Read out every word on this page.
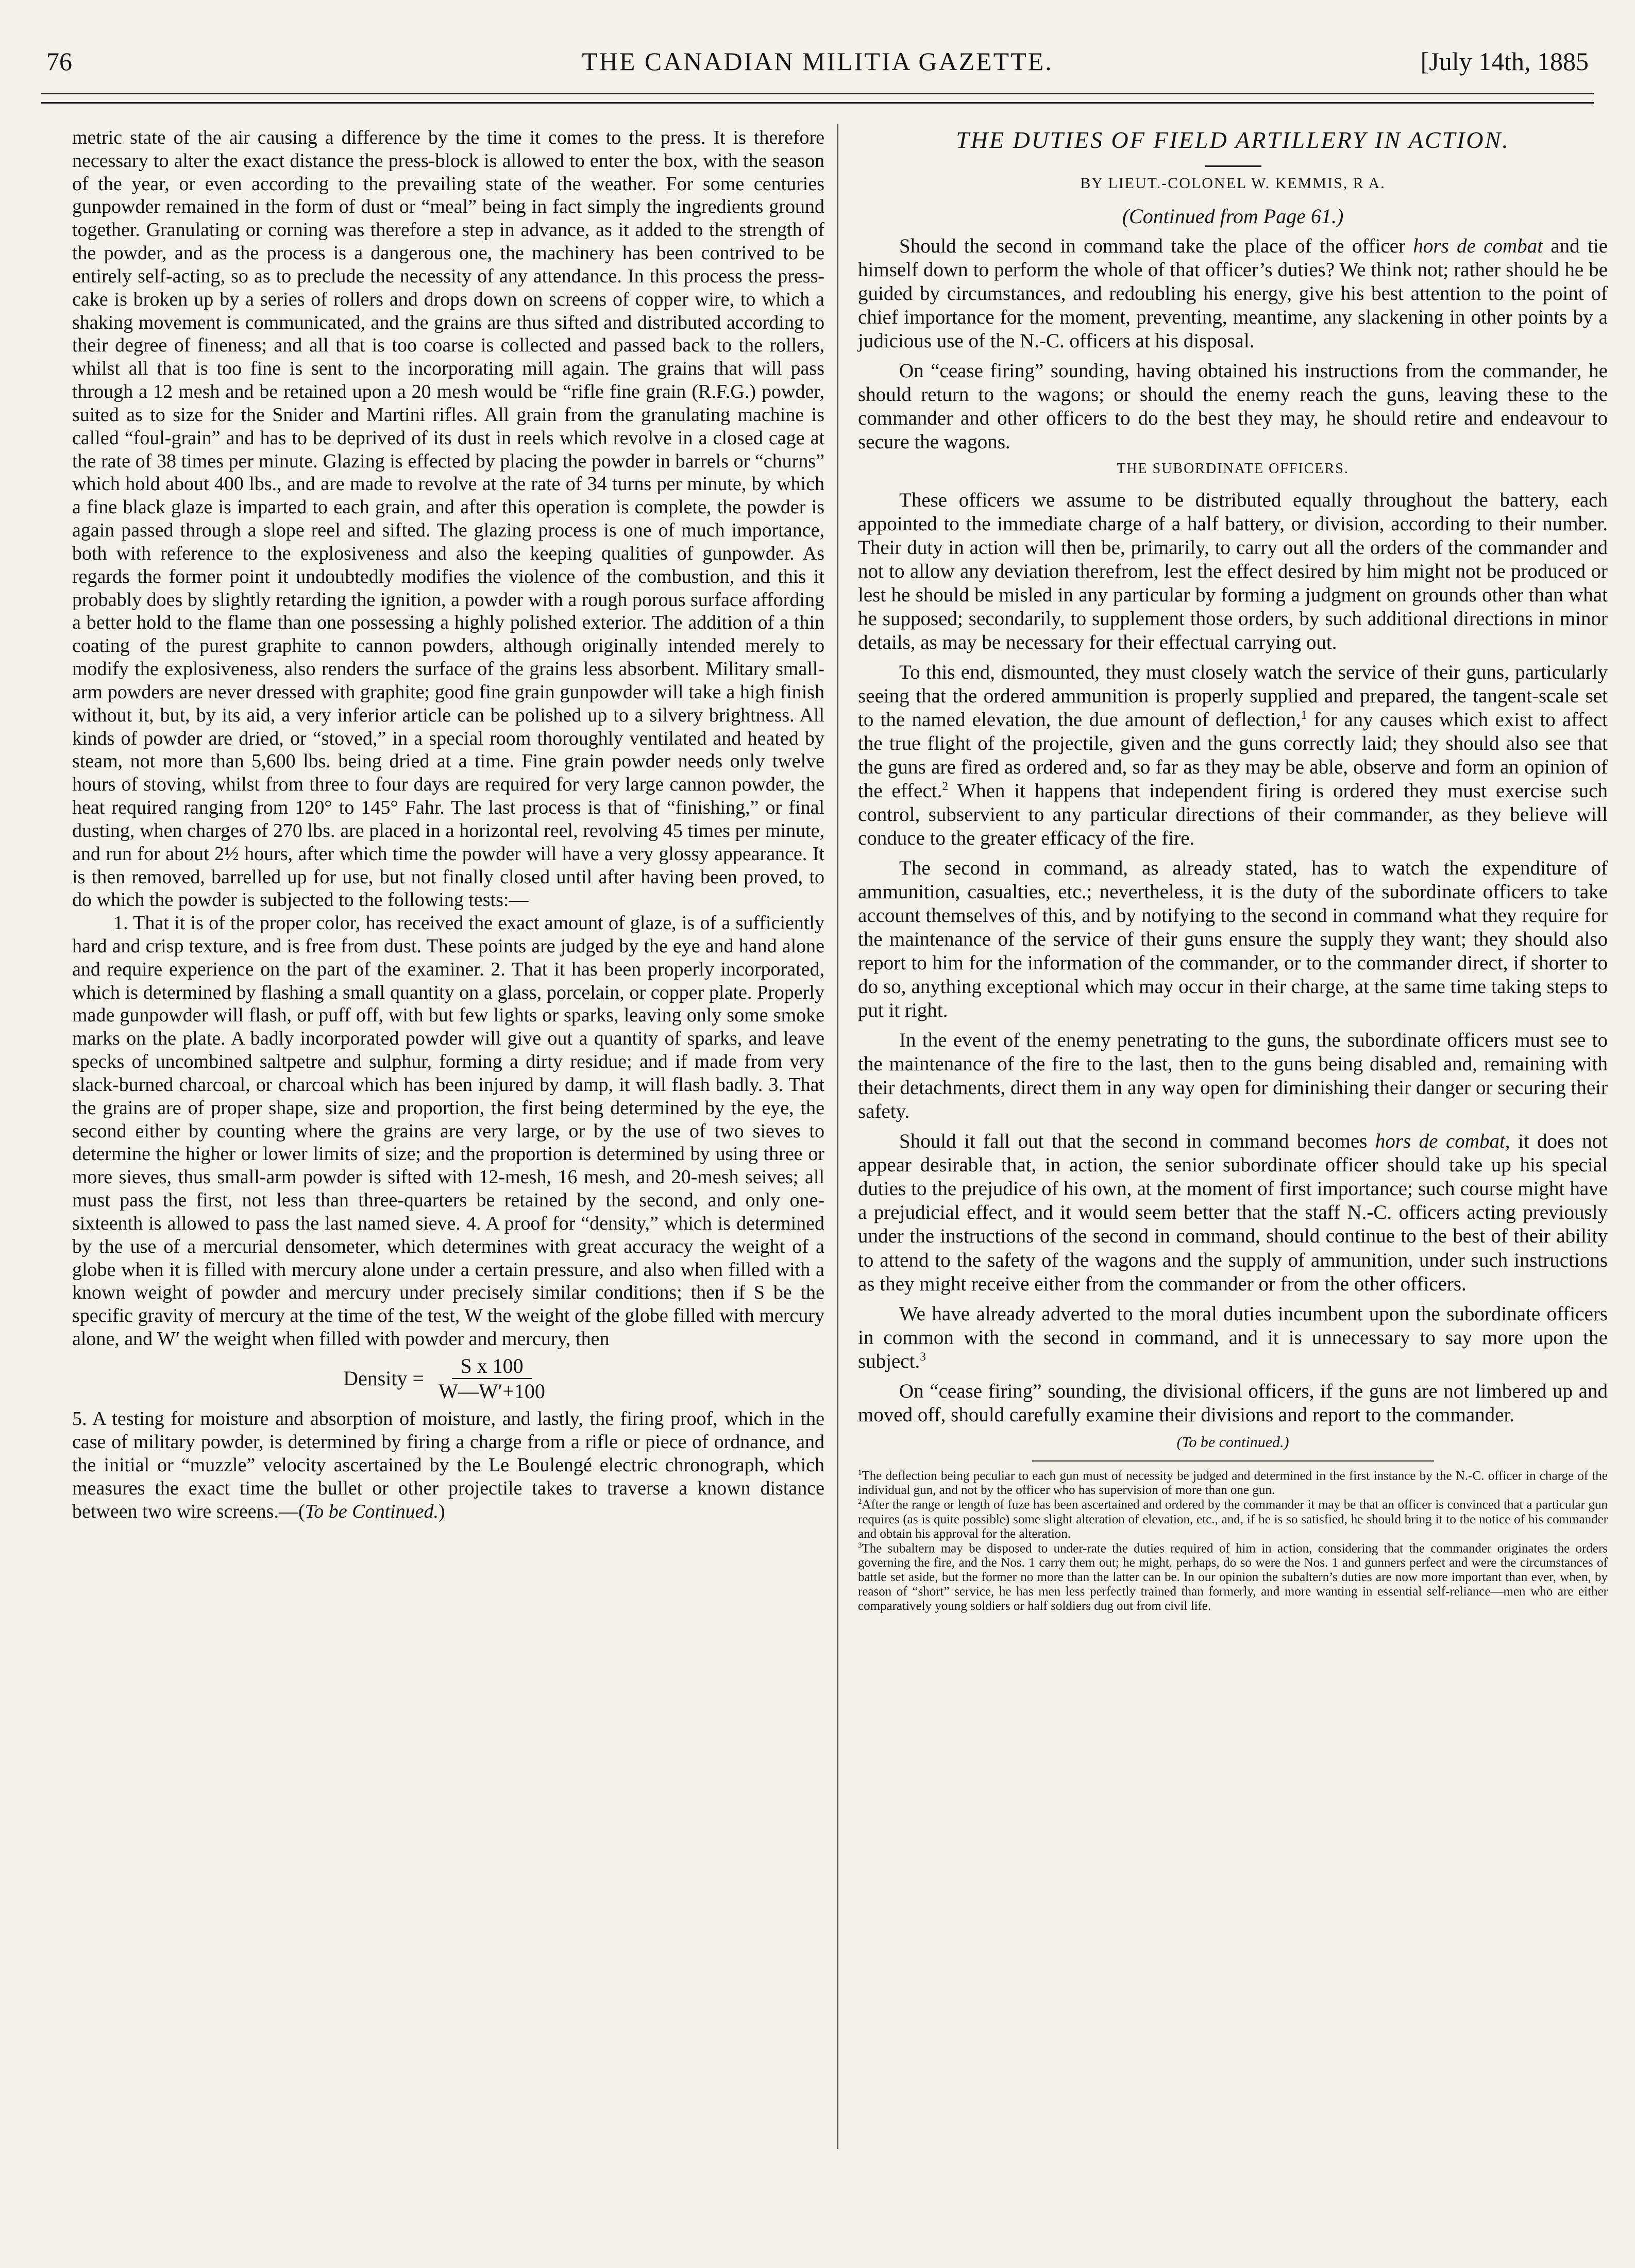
76	THE CANADIAN MILITIA GAZETTE.	[July 14th, 1885

metric state of the air causing a difference by the time it comes to the press. It is therefore necessary to alter the exact distance the press-block is allowed to enter the box, with the season of the year, or even according to the prevailing state of the weather. For some centuries gunpowder remained in the form of dust or “meal” being in fact simply the ingredients ground together. Granulating or corning was therefore a step in advance, as it added to the strength of the powder, and as the process is a dangerous one, the machinery has been contrived to be entirely self-acting, so as to preclude the necessity of any attendance. In this process the press-cake is broken up by a series of rollers and drops down on screens of copper wire, to which a shaking movement is communicated, and the grains are thus sifted and distributed according to their degree of fineness; and all that is too coarse is collected and passed back to the rollers, whilst all that is too fine is sent to the incorporating mill again. The grains that will pass through a 12 mesh and be retained upon a 20 mesh would be “rifle fine grain (R.F.G.) powder, suited as to size for the Snider and Martini rifles. All grain from the granulating machine is called “foul-grain” and has to be deprived of its dust in reels which revolve in a closed cage at the rate of 38 times per minute. Glazing is effected by placing the powder in barrels or “churns” which hold about 400 lbs., and are made to revolve at the rate of 34 turns per minute, by which a fine black glaze is imparted to each grain, and after this operation is complete, the powder is again passed through a slope reel and sifted. The glazing process is one of much importance, both with reference to the explosiveness and also the keeping qualities of gunpowder. As regards the former point it undoubtedly modifies the violence of the combustion, and this it probably does by slightly retarding the ignition, a powder with a rough porous surface affording a better hold to the flame than one possessing a highly polished exterior. The addition of a thin coating of the purest graphite to cannon powders, although originally intended merely to modify the explosiveness, also renders the surface of the grains less absorbent. Military small-arm powders are never dressed with graphite; good fine grain gunpowder will take a high finish without it, but, by its aid, a very inferior article can be polished up to a silvery brightness. All kinds of powder are dried, or “stoved,” in a special room thoroughly ventilated and heated by steam, not more than 5,600 lbs. being dried at a time. Fine grain powder needs only twelve hours of stoving, whilst from three to four days are required for very large cannon powder, the heat required ranging from 120° to 145° Fahr. The last process is that of “finishing,” or final dusting, when charges of 270 lbs. are placed in a horizontal reel, revolving 45 times per minute, and run for about 2½ hours, after which time the powder will have a very glossy appearance. It is then removed, barrelled up for use, but not finally closed until after having been proved, to do which the powder is subjected to the following tests:—

1. That it is of the proper color, has received the exact amount of glaze, is of a sufficiently hard and crisp texture, and is free from dust. These points are judged by the eye and hand alone and require experience on the part of the examiner. 2. That it has been properly incorporated, which is determined by flashing a small quantity on a glass, porcelain, or copper plate. Properly made gunpowder will flash, or puff off, with but few lights or sparks, leaving only some smoke marks on the plate. A badly incorporated powder will give out a quantity of sparks, and leave specks of uncombined saltpetre and sulphur, forming a dirty residue; and if made from very slack-burned charcoal, or charcoal which has been injured by damp, it will flash badly. 3. That the grains are of proper shape, size and proportion, the first being determined by the eye, the second either by counting where the grains are very large, or by the use of two sieves to determine the higher or lower limits of size; and the proportion is determined by using three or more sieves, thus small-arm powder is sifted with 12-mesh, 16 mesh, and 20-mesh seives; all must pass the first, not less than three-quarters be retained by the second, and only one-sixteenth is allowed to pass the last named sieve. 4. A proof for “density,” which is determined by the use of a mercurial densometer, which determines with great accuracy the weight of a globe when it is filled with mercury alone under a certain pressure, and also when filled with a known weight of powder and mercury under precisely similar conditions; then if S be the specific gravity of mercury at the time of the test, W the weight of the globe filled with mercury alone, and W′ the weight when filled with powder and mercury, then

Density = $\frac{\text{S x 100}}{W—W'+100}$

5. A testing for moisture and absorption of moisture, and lastly, the firing proof, which in the case of military powder, is determined by firing a charge from a rifle or piece of ordnance, and the initial or “muzzle” velocity ascertained by the Le Boulengé electric chronograph, which measures the exact time the bullet or other projectile takes to traverse a known distance between two wire screens.—(To be Continued.)

THE DUTIES OF FIELD ARTILLERY IN ACTION.
BY LIEUT.-COLONEL W. KEMMIS, R A.
(Continued from Page 61.)

Should the second in command take the place of the officer hors de combat and tie himself down to perform the whole of that officer’s duties? We think not; rather should he be guided by circumstances, and redoubling his energy, give his best attention to the point of chief importance for the moment, preventing, meantime, any slackening in other points by a judicious use of the N.-C. officers at his disposal.

On “cease firing” sounding, having obtained his instructions from the commander, he should return to the wagons; or should the enemy reach the guns, leaving these to the commander and other officers to do the best they may, he should retire and endeavour to secure the wagons.

THE SUBORDINATE OFFICERS.

These officers we assume to be distributed equally throughout the battery, each appointed to the immediate charge of a half battery, or division, according to their number. Their duty in action will then be, primarily, to carry out all the orders of the commander and not to allow any deviation therefrom, lest the effect desired by him might not be produced or lest he should be misled in any particular by forming a judgment on grounds other than what he supposed; secondarily, to supplement those orders, by such additional directions in minor details, as may be necessary for their effectual carrying out.

To this end, dismounted, they must closely watch the service of their guns, particularly seeing that the ordered ammunition is properly supplied and prepared, the tangent-scale set to the named elevation, the due amount of deflection,$^1$ for any causes which exist to affect the true flight of the projectile, given and the guns correctly laid; they should also see that the guns are fired as ordered and, so far as they may be able, observe and form an opinion of the effect.$^2$ When it happens that independent firing is ordered they must exercise such control, subservient to any particular directions of their commander, as they believe will conduce to the greater efficacy of the fire.

The second in command, as already stated, has to watch the expenditure of ammunition, casualties, etc.; nevertheless, it is the duty of the subordinate officers to take account themselves of this, and by notifying to the second in command what they require for the maintenance of the service of their guns ensure the supply they want; they should also report to him for the information of the commander, or to the commander direct, if shorter to do so, anything exceptional which may occur in their charge, at the same time taking steps to put it right.

In the event of the enemy penetrating to the guns, the subordinate officers must see to the maintenance of the fire to the last, then to the guns being disabled and, remaining with their detachments, direct them in any way open for diminishing their danger or securing their safety.

Should it fall out that the second in command becomes hors de combat, it does not appear desirable that, in action, the senior subordinate officer should take up his special duties to the prejudice of his own, at the moment of first importance; such course might have a prejudicial effect, and it would seem better that the staff N.-C. officers acting previously under the instructions of the second in command, should continue to the best of their ability to attend to the safety of the wagons and the supply of ammunition, under such instructions as they might receive either from the commander or from the other officers.

We have already adverted to the moral duties incumbent upon the subordinate officers in common with the second in command, and it is unnecessary to say more upon the subject.$^3$

On “cease firing” sounding, the divisional officers, if the guns are not limbered up and moved off, should carefully examine their divisions and report to the commander.

(To be continued.)

$^1$The deflection being peculiar to each gun must of necessity be judged and determined in the first instance by the N.-C. officer in charge of the individual gun, and not by the officer who has supervision of more than one gun.

$^2$After the range or length of fuze has been ascertained and ordered by the commander it may be that an officer is convinced that a particular gun requires (as is quite possible) some slight alteration of elevation, etc., and, if he is so satisfied, he should bring it to the notice of his commander and obtain his approval for the alteration.

$^3$The subaltern may be disposed to under-rate the duties required of him in action, considering that the commander originates the orders governing the fire, and the Nos. 1 carry them out; he might, perhaps, do so were the Nos. 1 and gunners perfect and were the circumstances of battle set aside, but the former no more than the latter can be. In our opinion the subaltern’s duties are now more important than ever, when, by reason of “short” service, he has men less perfectly trained than formerly, and more wanting in essential self-reliance—men who are either comparatively young soldiers or half soldiers dug out from civil life.
